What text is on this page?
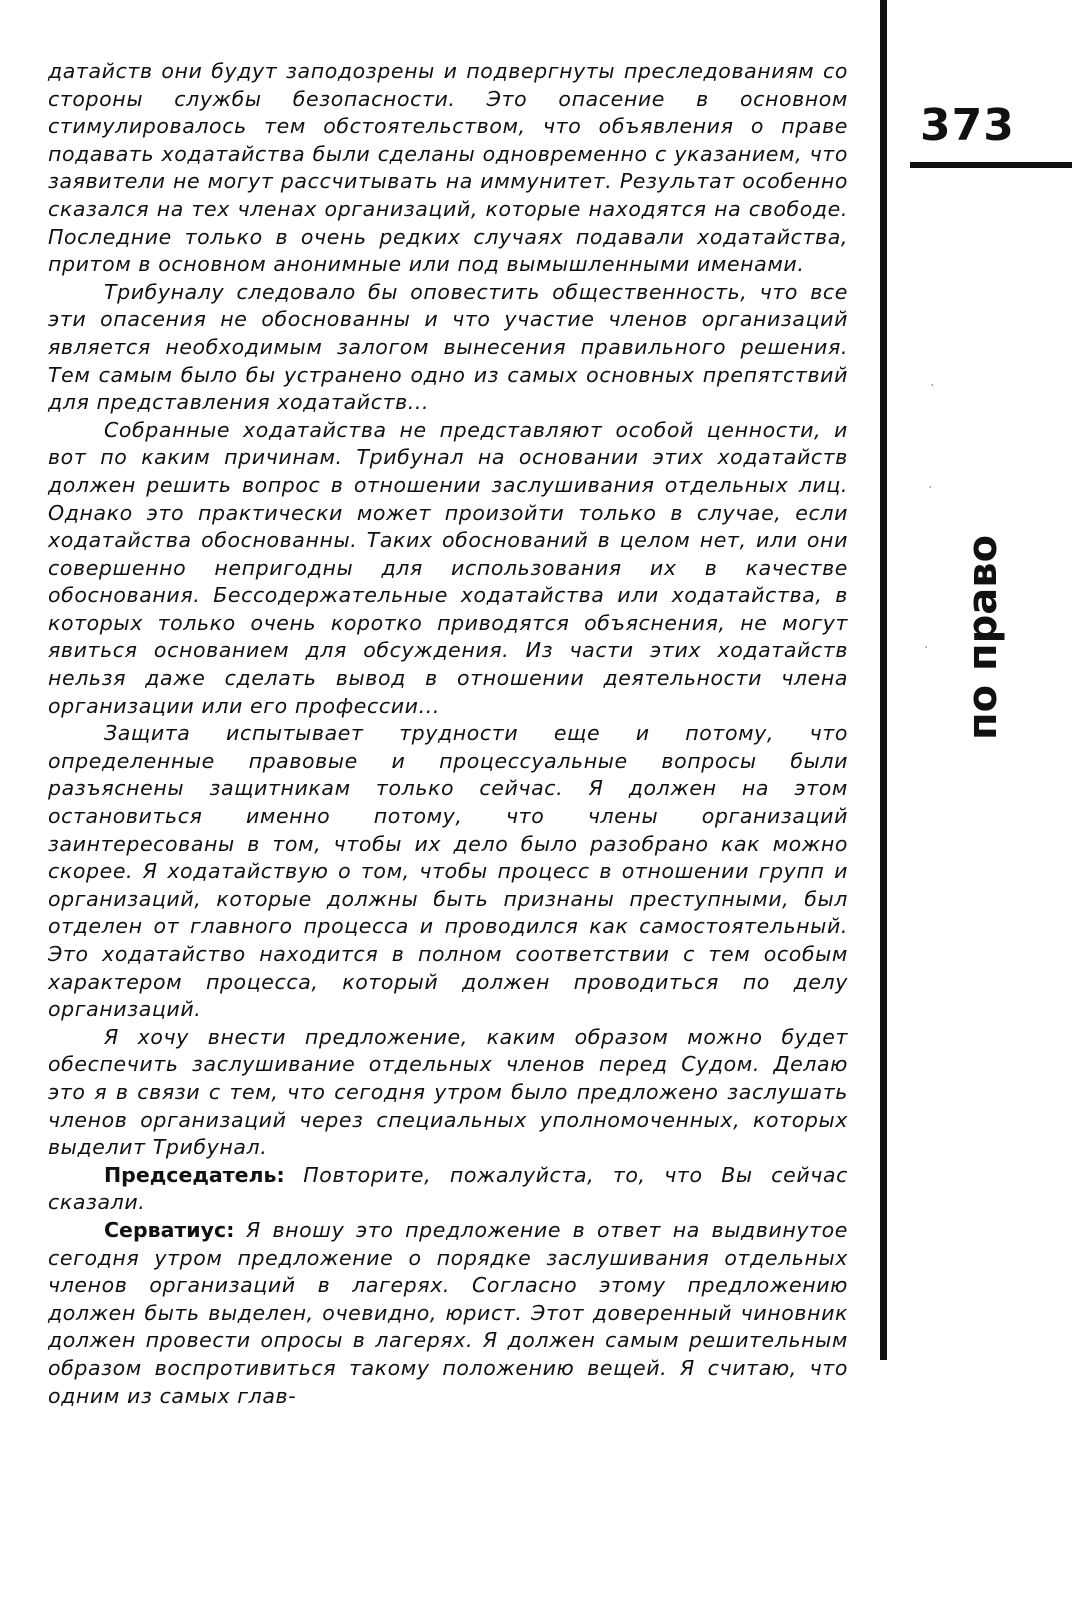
датайств они будут заподозрены и подвергнуты преследованиям со стороны службы безопасности. Это опасение в основном стимулировалось тем обстоятельством, что объявления о праве подавать ходатайства были сделаны одновременно с указанием, что заявители не могут рассчитывать на иммунитет. Результат особенно сказался на тех членах организаций, которые находятся на свободе. Последние только в очень редких случаях подавали ходатайства, притом в основном анонимные или под вымышленными именами.

Трибуналу следовало бы оповестить общественность, что все эти опасения не обоснованны и что участие членов организаций является необходимым залогом вынесения правильного решения. Тем самым было бы устранено одно из самых основных препятствий для представления ходатайств...

Собранные ходатайства не представляют особой ценности, и вот по каким причинам. Трибунал на основании этих ходатайств должен решить вопрос в отношении заслушивания отдельных лиц. Однако это практически может произойти только в случае, если ходатайства обоснованны. Таких обоснований в целом нет, или они совершенно непригодны для использования их в качестве обоснования. Бессодержательные ходатайства или ходатайства, в которых только очень коротко приводятся объяснения, не могут явиться основанием для обсуждения. Из части этих ходатайств нельзя даже сделать вывод в отношении деятельности члена организации или его профессии...

Защита испытывает трудности еще и потому, что определенные правовые и процессуальные вопросы были разъяснены защитникам только сейчас. Я должен на этом остановиться именно потому, что члены организаций заинтересованы в том, чтобы их дело было разобрано как можно скорее. Я ходатайствую о том, чтобы процесс в отношении групп и организаций, которые должны быть признаны преступными, был отделен от главного процесса и проводился как самостоятельный. Это ходатайство находится в полном соответствии с тем особым характером процесса, который должен проводиться по делу организаций.

Я хочу внести предложение, каким образом можно будет обеспечить заслушивание отдельных членов перед Судом. Делаю это я в связи с тем, что сегодня утром было предложено заслушать членов организаций через специальных уполномоченных, которых выделит Трибунал.

Председатель: Повторите, пожалуйста, то, что Вы сейчас сказали.

Серватиус: Я вношу это предложение в ответ на выдвинутое сегодня утром предложение о порядке заслушивания отдельных членов организаций в лагерях. Согласно этому предложению должен быть выделен, очевидно, юрист. Этот доверенный чиновник должен провести опросы в лагерях. Я должен самым решительным образом воспротивиться такому положению вещей. Я считаю, что одним из самых глав-

373
по право
·
·
·
